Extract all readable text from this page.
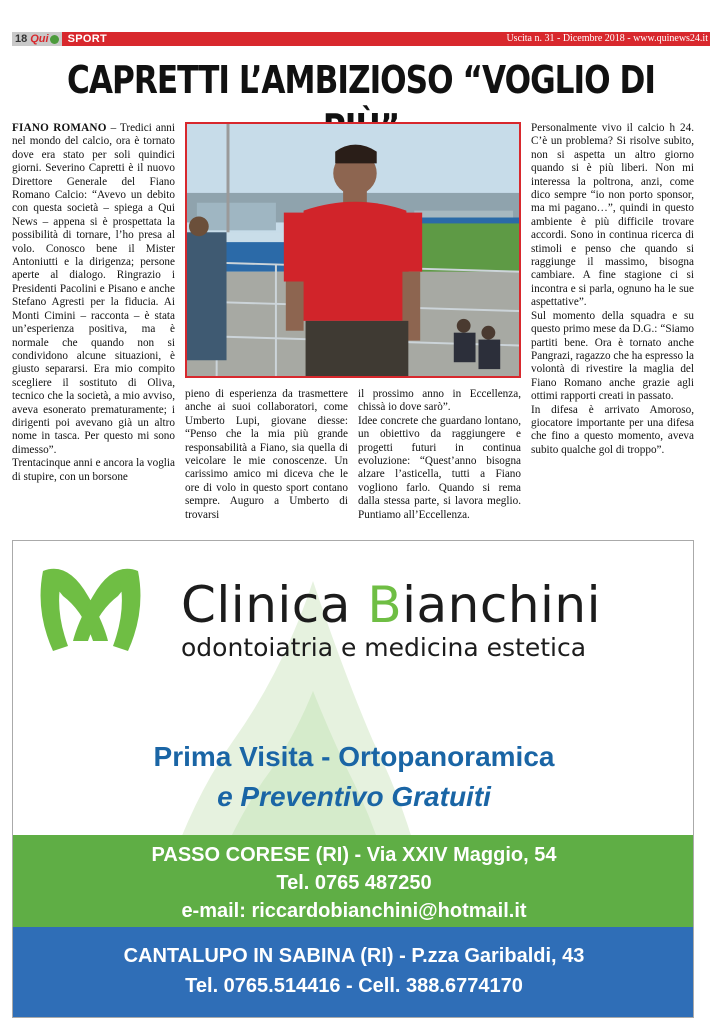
18 Qui	SPORT	Uscita n. 31 - Dicembre 2018 - www.quinews24.it
CAPRETTI L’AMBIZIOSO “VOGLIO DI

FIANO ROMANO – Tredici anni nel mondo del calcio, ora è tornato dove era stato per soli quindici giorni. Severino Capretti è il nuovo Direttore Generale del Fiano Romano Calcio: “Avevo un debito con questa società – spiega a Qui News – appena si è prospettata la possibilità di tornare, l’ho presa al volo. Conosco bene il Mister Antoniutti e la dirigenza; persone aperte al dialogo. Ringrazio i Presidenti Pacolini e Pisano e anche Stefano Agresti per la fiducia. Ai Monti Cimini – racconta – è stata un’esperienza positiva, ma è normale che quando non si condividono alcune situazioni, è giusto separarsi. Era mio compito scegliere il sostituto di Oliva, tecnico che la società, a mio avviso, aveva esonerato prematuramente; i dirigenti poi avevano già un altro nome in tasca. Per questo mi sono dimesso”.

Trentacinque anni e ancora la voglia di stupire, con un borsone

pieno di esperienza da trasmettere anche ai suoi collaboratori, come Umberto Lupi, giovane diesse: “Penso che la mia più grande responsabilità a Fiano, sia quella di veicolare le mie conoscenze. Un carissimo amico mi diceva che le ore di volo in questo sport contano sempre. Auguro a Umberto di trovarsi

il prossimo anno in Eccellenza, chissà io dove sarò”.

Idee concrete che guardano lontano, un obiettivo da raggiungere e progetti futuri in continua evoluzione: “Quest’anno bisogna alzare l’asticella, tutti a Fiano vogliono farlo. Quando si rema dalla stessa parte, si lavora meglio. Puntiamo all’Eccellenza.

Personalmente vivo il calcio h 24. C’è un problema? Si risolve subito, non si aspetta un altro giorno quando si è più liberi. Non mi interessa la poltrona, anzi, come dico sempre “io non porto sponsor, ma mi pagano…”, quindi in questo ambiente è più difficile trovare accordi. Sono in continua ricerca di stimoli e penso che quando si raggiunge il massimo, bisogna cambiare. A fine stagione ci si incontra e si parla, ognuno ha le sue aspettative”.

Sul momento della squadra e su questo primo mese da D.G.: “Siamo partiti bene. Ora è tornato anche Pangrazi, ragazzo che ha espresso la volontà di rivestire la maglia del Fiano Romano anche grazie agli ottimi rapporti creati in passato.

In difesa è arrivato Amoroso, giocatore importante per una difesa che fino a questo momento, aveva subito qualche gol di troppo”.

Clinica Bianchini
odontoiatria e medicina estetica
Prima Visita - Ortopanoramica
e Preventivo Gratuiti
PASSO CORESE (RI) - Via XXIV Maggio, 54
Tel. 0765 487250
e-mail: riccardobianchini@hotmail.it
CANTALUPO IN SABINA (RI) - P.zza Garibaldi, 43
Tel. 0765.514416 - Cell. 388.6774170
